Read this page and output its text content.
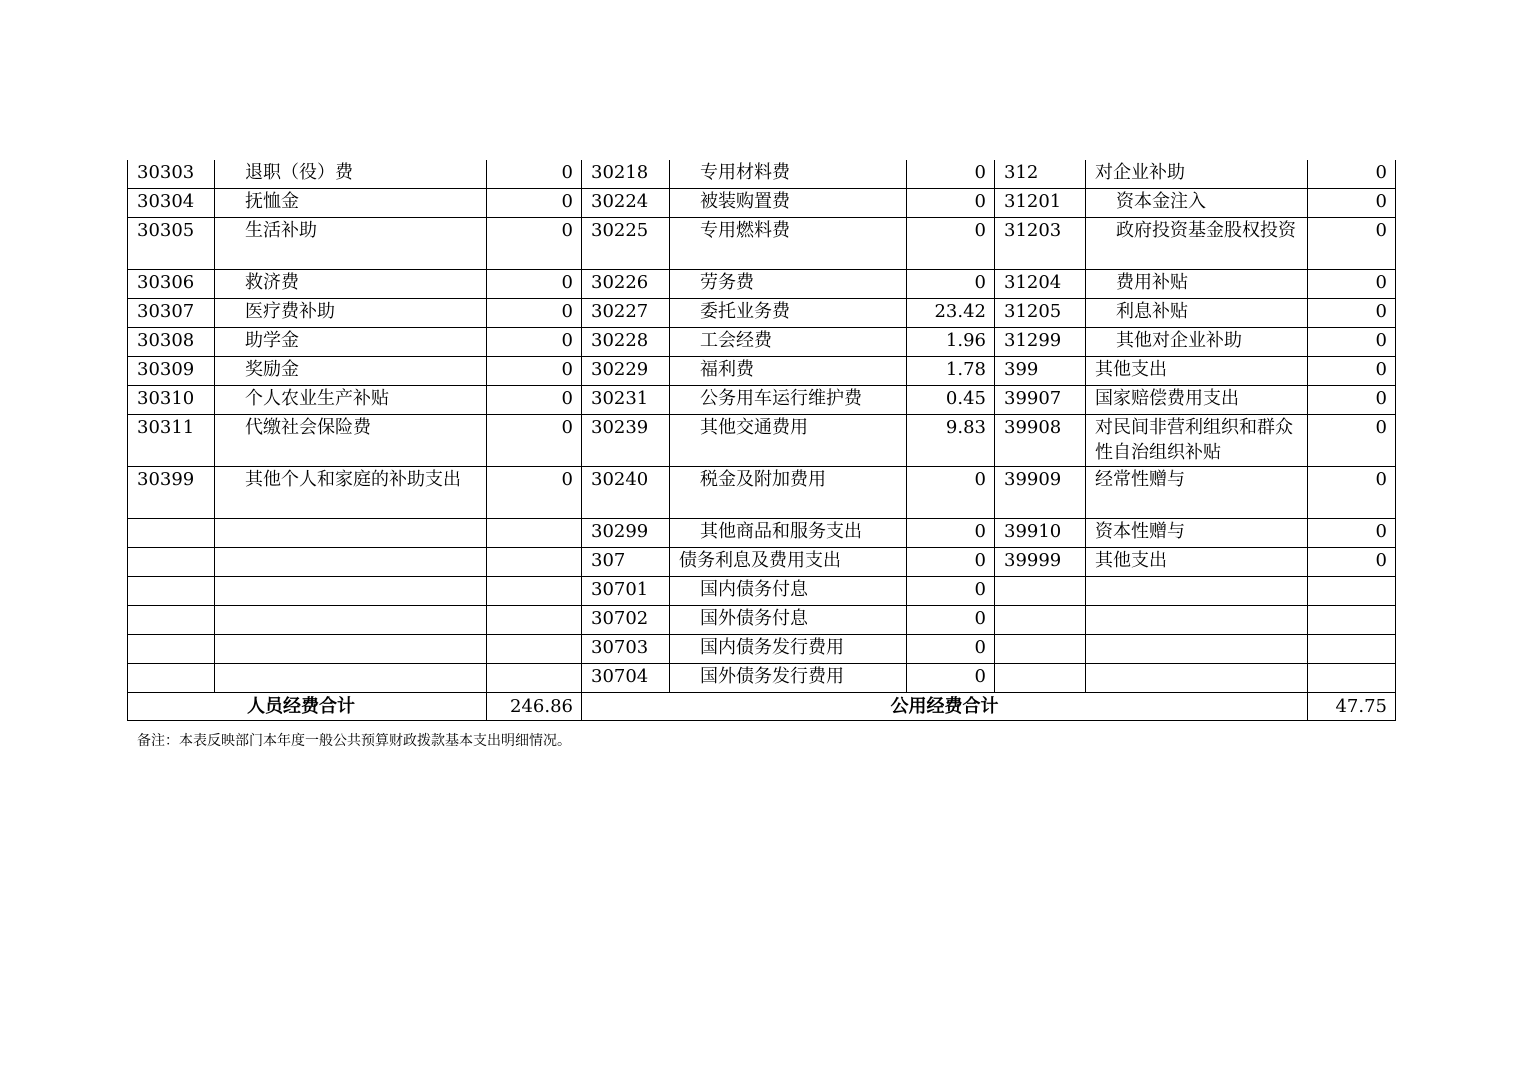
30303	退职（役）费	0	30218	专用材料费	0	312	对企业补助	0
30304	抚恤金	0	30224	被装购置费	0	31201	资本金注入	0
30305	生活补助	0	30225	专用燃料费	0	31203	政府投资基金股权投资	0
30306	救济费	0	30226	劳务费	0	31204	费用补贴	0
30307	医疗费补助	0	30227	委托业务费	23.42	31205	利息补贴	0
30308	助学金	0	30228	工会经费	1.96	31299	其他对企业补助	0
30309	奖励金	0	30229	福利费	1.78	399	其他支出	0
30310	个人农业生产补贴	0	30231	公务用车运行维护费	0.45	39907	国家赔偿费用支出	0
30311	代缴社会保险费	0	30239	其他交通费用	9.83	39908	对民间非营利组织和群众性自治组织补贴	0
30399	其他个人和家庭的补助支出	0	30240	税金及附加费用	0	39909	经常性赠与	0
			30299	其他商品和服务支出	0	39910	资本性赠与	0
			307	债务利息及费用支出	0	39999	其他支出	0
			30701	国内债务付息	0			
			30702	国外债务付息	0			
			30703	国内债务发行费用	0			
			30704	国外债务发行费用	0			
人员经费合计		246.86	公用经费合计					47.75
备注：本表反映部门本年度一般公共预算财政拨款基本支出明细情况。
